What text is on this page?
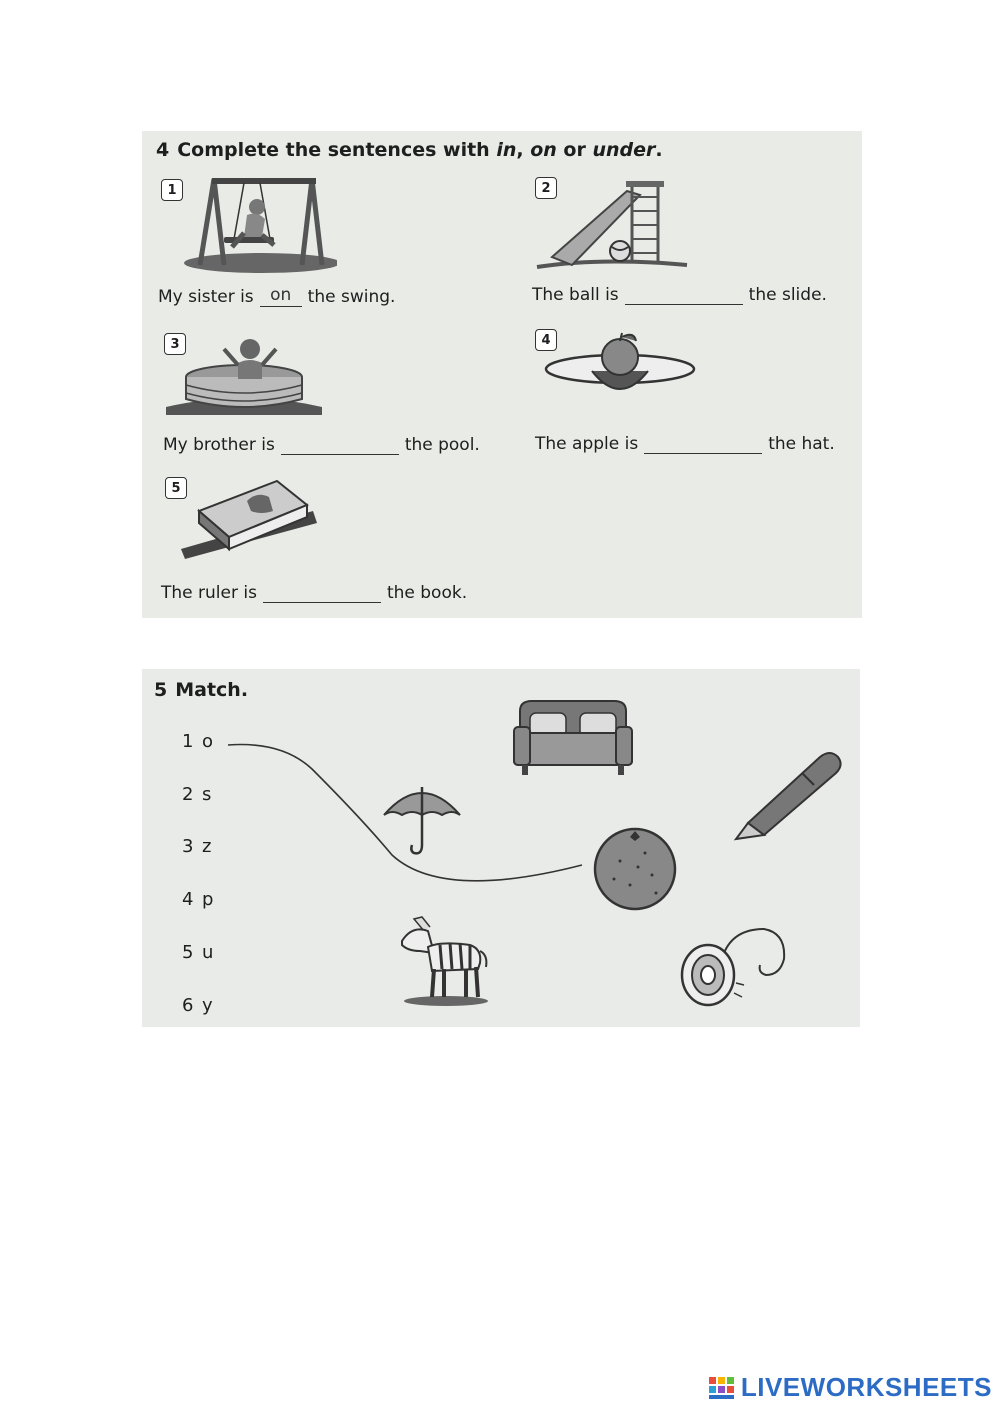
4 Complete the sentences with in, on or under.
1
My sister is on the swing.
2
The ball is	the slide.
3
My brother is	the pool.
4
The apple is	the hat.
5
The ruler is	the book.
5 Match.
1 o
2 s
3 z
4 p
5 u
6 y
LIVEWORKSHEETS
